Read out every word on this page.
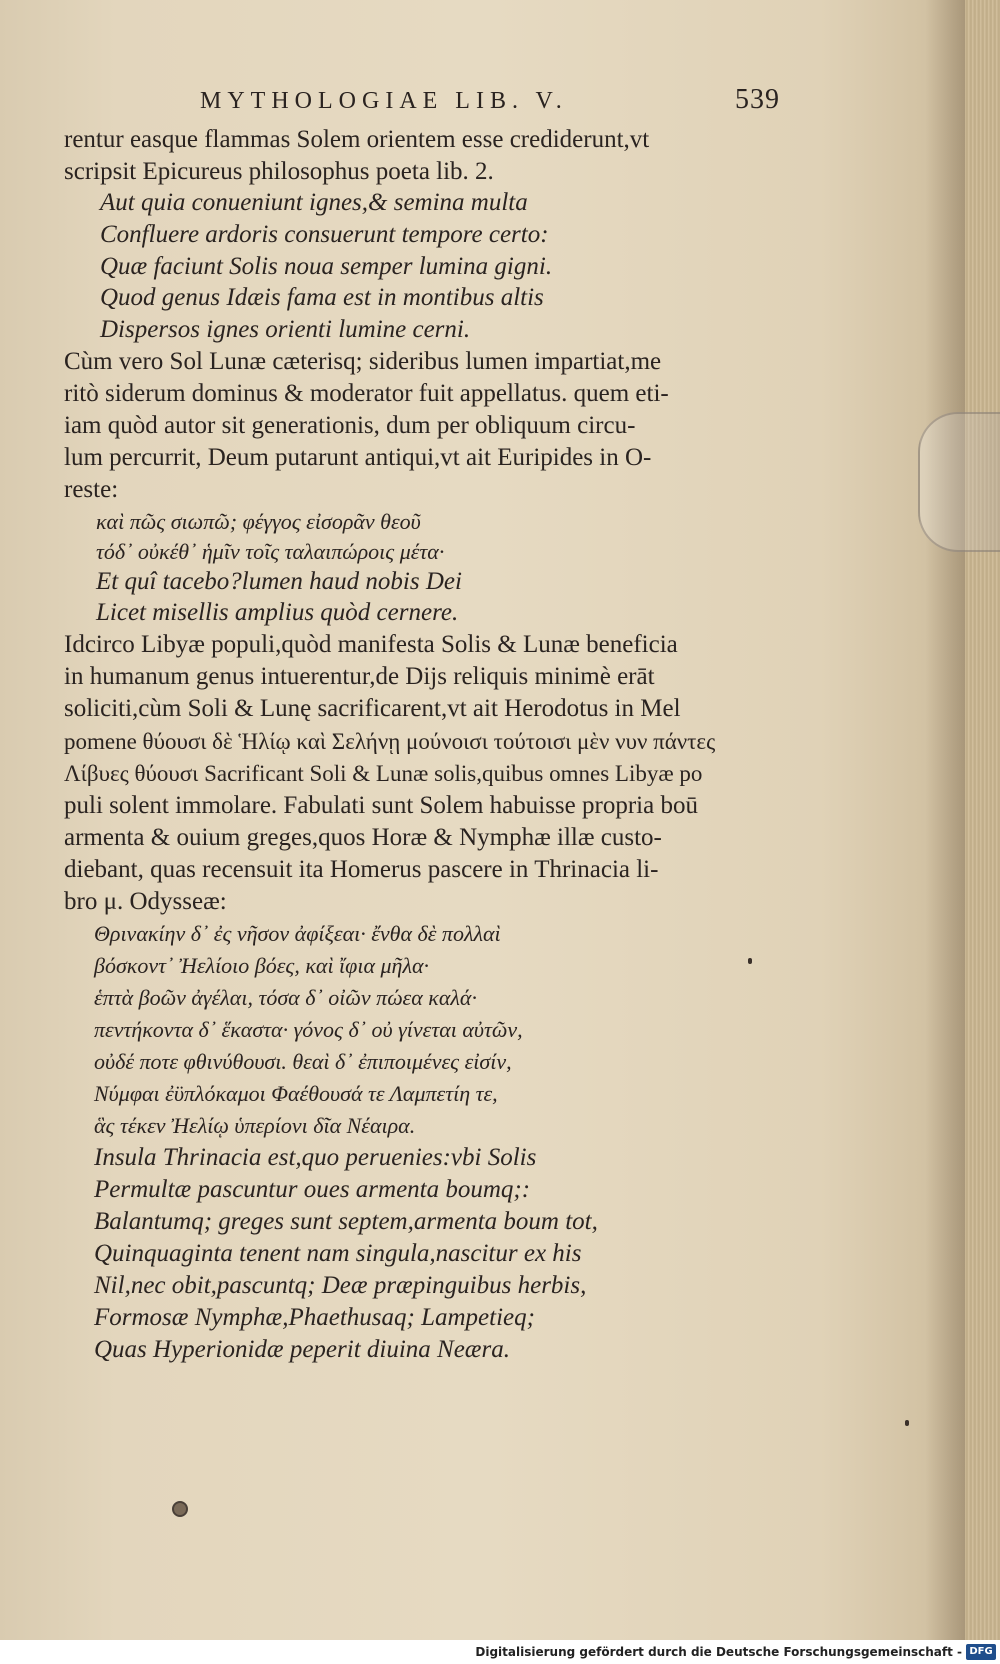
MYTHOLOGIAE LIB. V.	539
rentur easque flammas Solem orientem esse crediderunt,vt
scripsit Epicureus philosophus poeta lib. 2.
Aut quia conueniunt ignes,& semina multa
Confluere ardoris consuerunt tempore certo:
Quæ faciunt Solis noua semper lumina gigni.
Quod genus Idæis fama est in montibus altis
Dispersos ignes orienti lumine cerni.
Cùm vero Sol Lunæ cæterisq; sideribus lumen impartiat,me
ritò siderum dominus & moderator fuit appellatus. quem eti-
iam quòd autor sit generationis, dum per obliquum circu-
lum percurrit, Deum putarunt antiqui,vt ait Euripides in O-
reste:
καὶ πῶς σιωπῶ; φέγγος εἰσορᾶν θεοῦ
τόδ᾽ οὐκέθ᾽ ἡμῖν τοῖς ταλαιπώροις μέτα·
Et quî tacebo?lumen haud nobis Dei
Licet misellis amplius quòd cernere.
Idcirco Libyæ populi,quòd manifesta Solis & Lunæ beneficia
in humanum genus intuerentur,de Dijs reliquis minimè erāt
soliciti,cùm Soli & Lunę sacrificarent,vt ait Herodotus in Mel
pomene θύουσι δὲ Ἡλίῳ καὶ Σελήνῃ μούνοισι τούτοισι μὲν νυν πάντες
Λίβυες θύουσι Sacrificant Soli & Lunæ solis,quibus omnes Libyæ po
puli solent immolare. Fabulati sunt Solem habuisse propria boū
armenta & ouium greges,quos Horæ & Nymphæ illæ custo-
diebant, quas recensuit ita Homerus pascere in Thrinacia li-
bro μ. Odysseæ:
Θρινακίην δ᾽ ἐς νῆσον ἀφίξεαι· ἔνθα δὲ πολλαὶ
βόσκοντ᾽ Ἠελίοιο βόες, καὶ ἴφια μῆλα·
ἑπτὰ βοῶν ἀγέλαι, τόσα δ᾽ οἰῶν πώεα καλά·
πεντήκοντα δ᾽ ἕκαστα· γόνος δ᾽ οὐ γίνεται αὐτῶν,
οὐδέ ποτε φθινύθουσι. θεαὶ δ᾽ ἐπιποιμένες εἰσίν,
Νύμφαι ἐϋπλόκαμοι Φαέθουσά τε Λαμπετίη τε,
ἃς τέκεν Ἠελίῳ ὑπερίονι δῖα Νέαιρα.
Insula Thrinacia est,quo peruenies:vbi Solis
Permultæ pascuntur oues armenta boumq;:
Balantumq; greges sunt septem,armenta boum tot,
Quinquaginta tenent nam singula,nascitur ex his
Nil,nec obit,pascuntq; Deæ præpinguibus herbis,
Formosæ Nymphæ,Phaethusaq; Lampetieq;
Quas Hyperionidæ peperit diuina Neæra.
Digitalisierung gefördert durch die Deutsche Forschungsgemeinschaft - DFG
